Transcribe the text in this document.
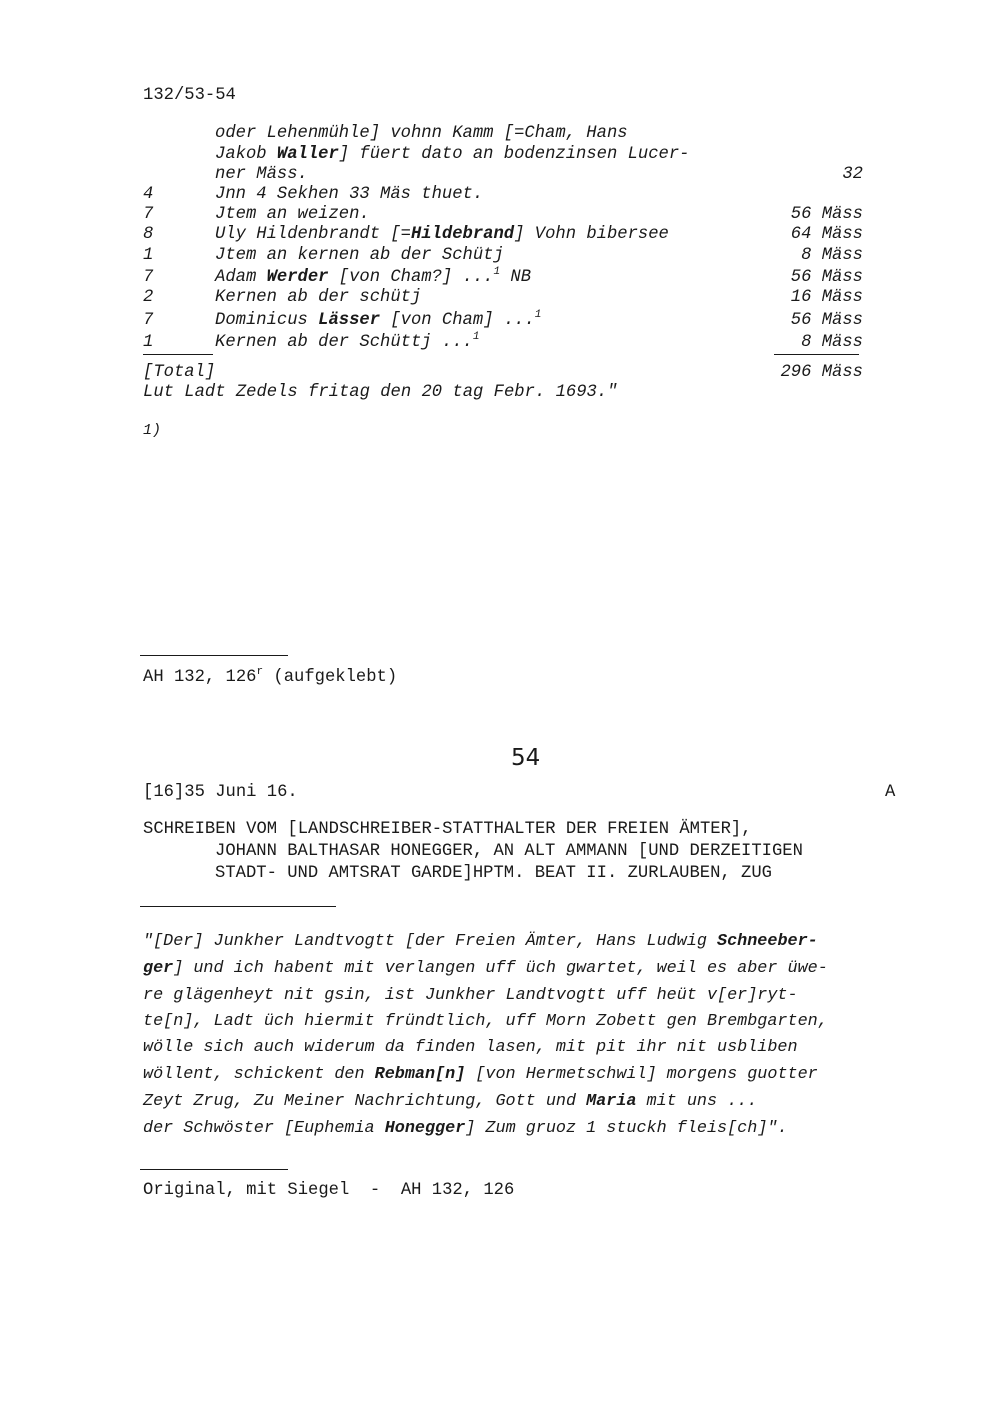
132/53-54
oder Lehenmühle] vohnn Kamm [=Cham, Hans
Jakob Waller] füert dato an bodenzinsen Lucer-
ner Mäss.	32
4	Jnn 4 Sekhen 33 Mäs thuet.
7	Jtem an weizen.	56 Mäss
8	Uly Hildenbrandt [=Hildebrand] Vohn bibersee	64 Mäss
1	Jtem an kernen ab der Schütj	8 Mäss
7	Adam Werder [von Cham?] ...$^1$ NB	56 Mäss
2	Kernen ab der schütj	16 Mäss
7	Dominicus Lässer [von Cham] ...$^1$	56 Mäss
1	Kernen ab der Schüttj ...$^1$	8 Mäss
[Total]	296 Mäss
Lut Ladt Zedels fritag den 20 tag Febr. 1693."
1)
AH 132, 126$^r$ (aufgeklebt)
54
[16]35 Juni 16.	A
SCHREIBEN VOM [LANDSCHREIBER-STATTHALTER DER FREIEN ÄMTER],
JOHANN BALTHASAR HONEGGER, AN ALT AMMANN [UND DERZEITIGEN
STADT- UND AMTSRAT GARDE]HPTM. BEAT II. ZURLAUBEN, ZUG
"[Der] Junkher Landtvogtt [der Freien Ämter, Hans Ludwig Schneeber-
ger] und ich habent mit verlangen uff üch gwartet, weil es aber üwe-
re glägenheyt nit gsin, ist Junkher Landtvogtt uff heüt v[er]ryt-
te[n], Ladt üch hiermit fründtlich, uff Morn Zobett gen Brembgarten,
wölle sich auch widerum da finden lasen, mit pit ihr nit usbliben
wöllent, schickent den Rebman[n] [von Hermetschwil] morgens guotter
Zeyt Zrug, Zu Meiner Nachrichtung, Gott und Maria mit uns ...
der Schwöster [Euphemia Honegger] Zum gruoz 1 stuckh fleis[ch]".
Original, mit Siegel  -  AH 132, 126
